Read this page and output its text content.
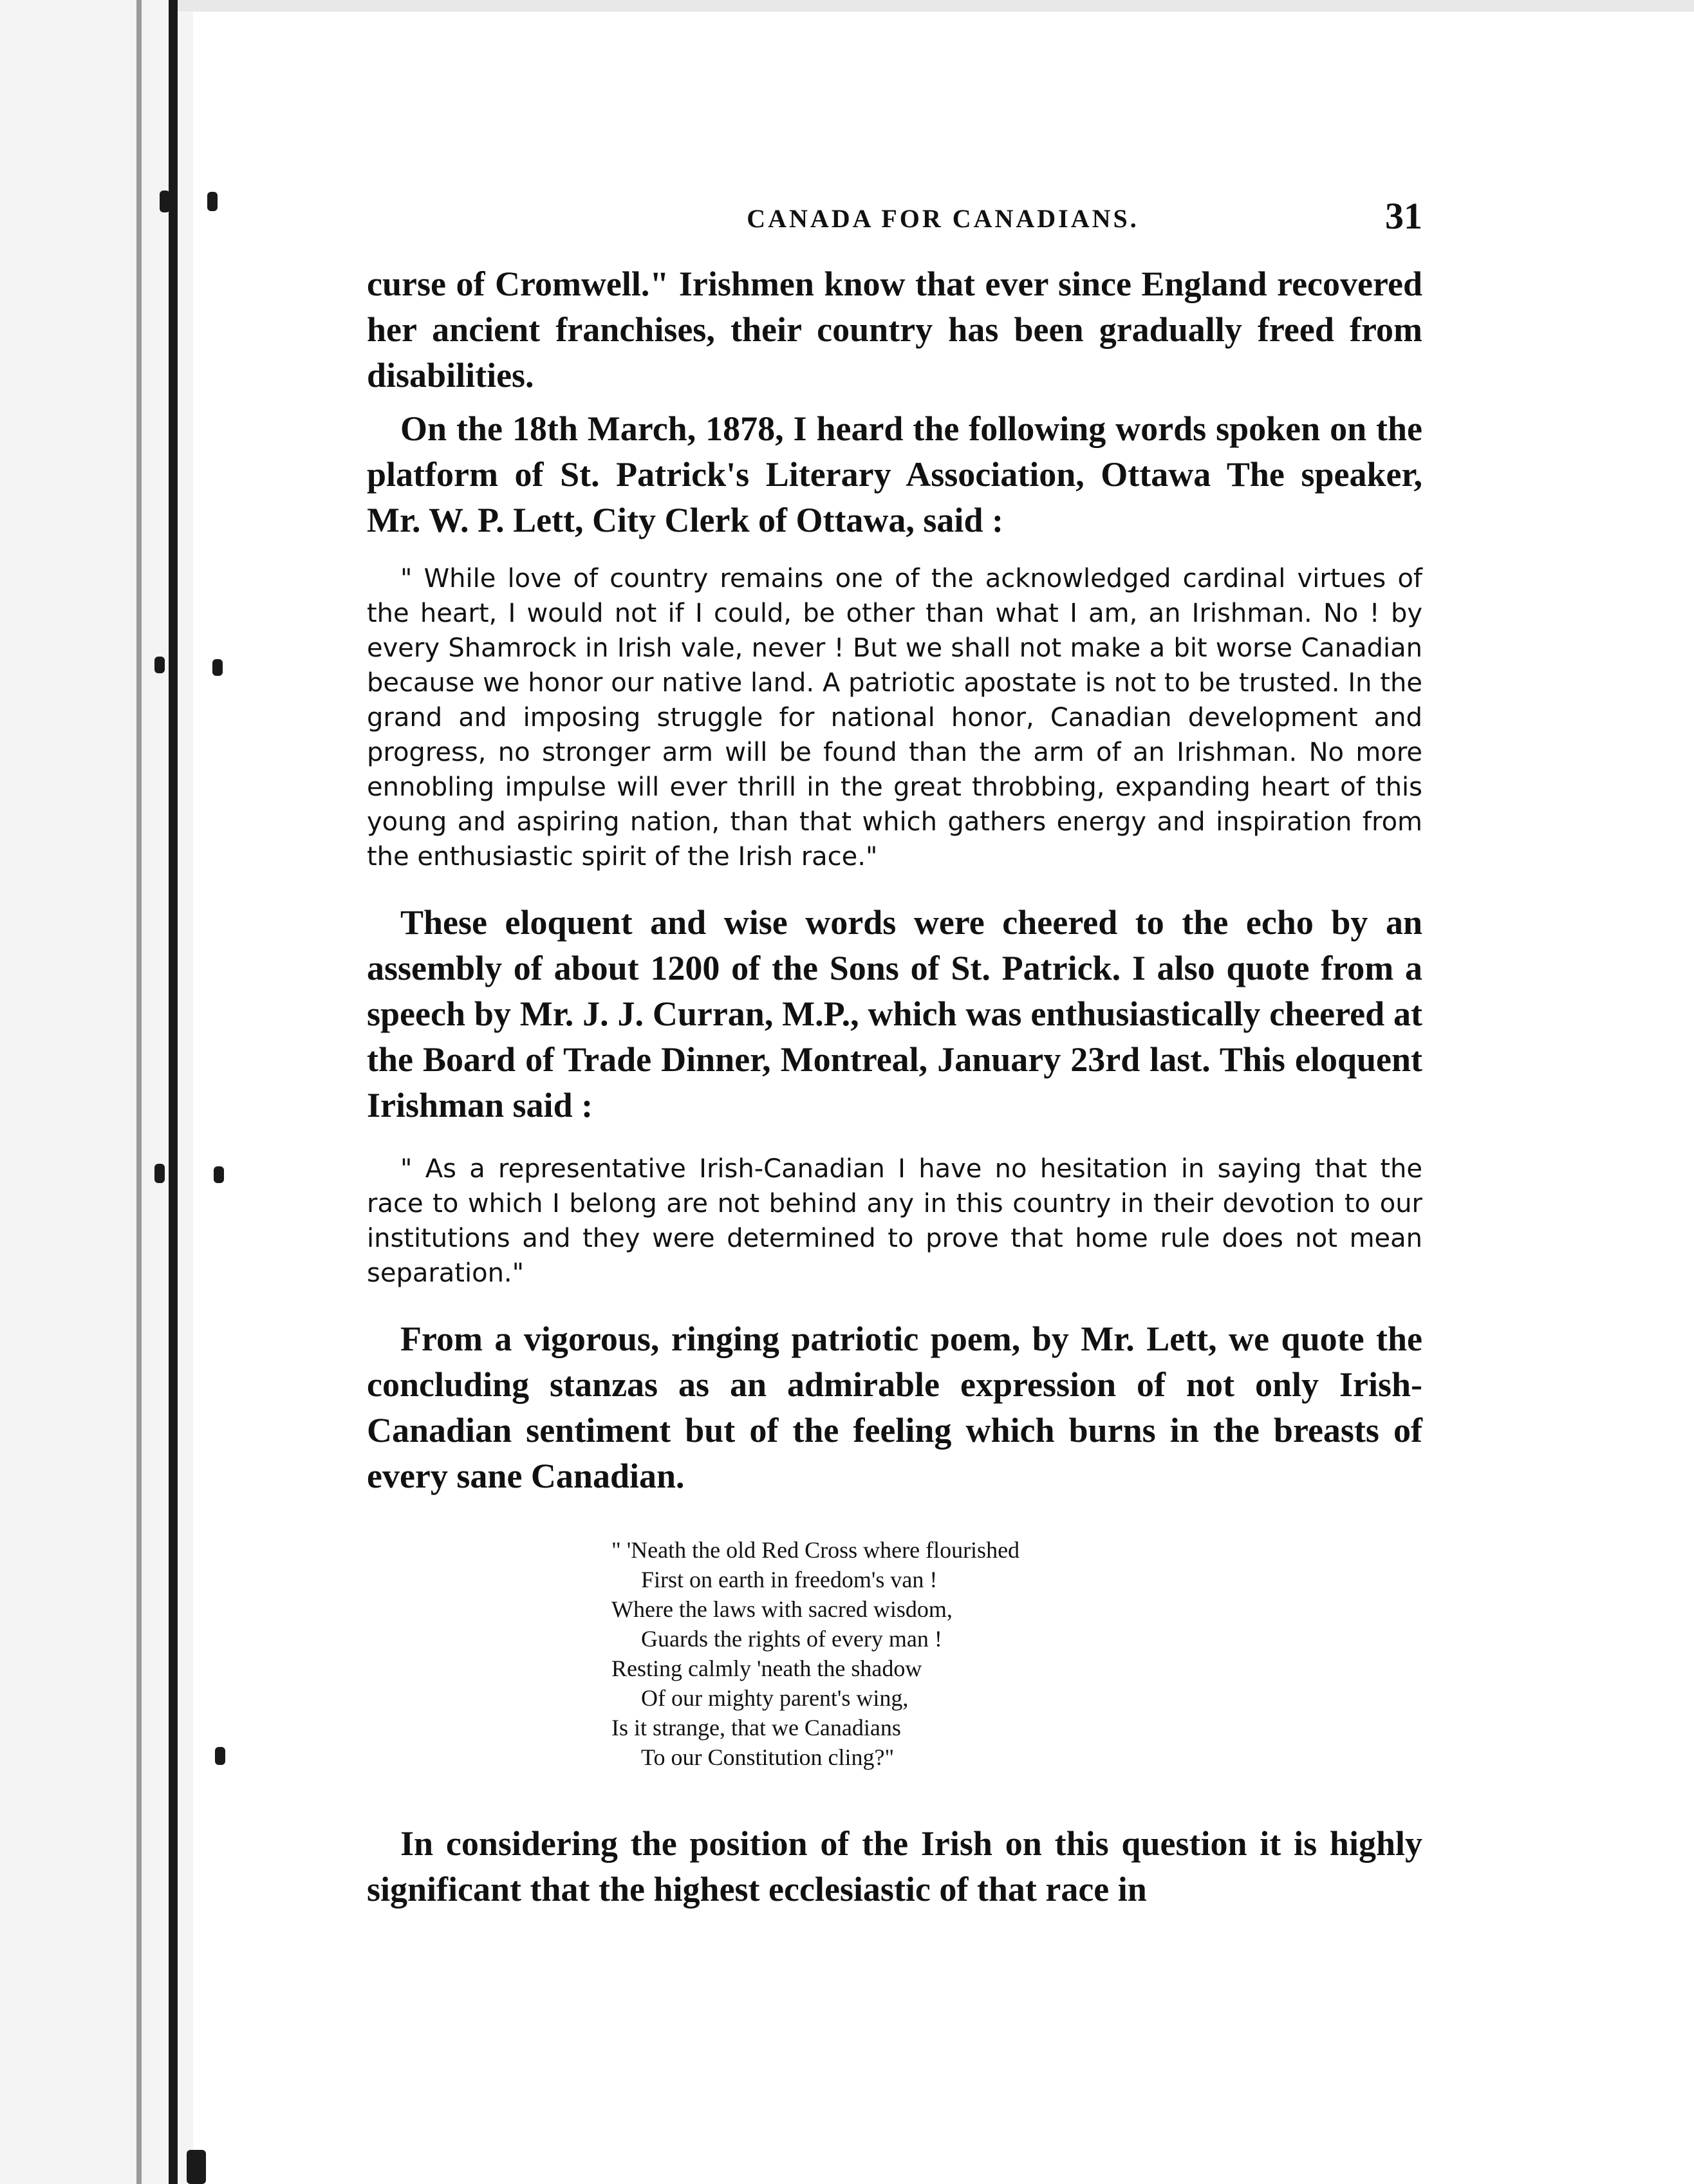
CANADA FOR CANADIANS.	31

curse of Cromwell." Irishmen know that ever since England recovered her ancient franchises, their country has been gradually freed from disabilities.

On the 18th March, 1878, I heard the following words spoken on the platform of St. Patrick's Literary Association, Ottawa The speaker, Mr. W. P. Lett, City Clerk of Ottawa, said :

" While love of country remains one of the acknowledged cardinal virtues of the heart, I would not if I could, be other than what I am, an Irishman. No ! by every Shamrock in Irish vale, never ! But we shall not make a bit worse Canadian because we honor our native land. A patriotic apostate is not to be trusted. In the grand and imposing struggle for national honor, Canadian development and progress, no stronger arm will be found than the arm of an Irishman. No more ennobling impulse will ever thrill in the great throbbing, expanding heart of this young and aspiring nation, than that which gathers energy and inspiration from the enthusiastic spirit of the Irish race."

These eloquent and wise words were cheered to the echo by an assembly of about 1200 of the Sons of St. Patrick. I also quote from a speech by Mr. J. J. Curran, M.P., which was enthusiastically cheered at the Board of Trade Dinner, Montreal, January 23rd last. This eloquent Irishman said :

" As a representative Irish-Canadian I have no hesitation in saying that the race to which I belong are not behind any in this country in their devotion to our institutions and they were determined to prove that home rule does not mean separation."

From a vigorous, ringing patriotic poem, by Mr. Lett, we quote the concluding stanzas as an admirable expression of not only Irish-Canadian sentiment but of the feeling which burns in the breasts of every sane Canadian.

" 'Neath the old Red Cross where flourished
First on earth in freedom's van !
Where the laws with sacred wisdom,
Guards the rights of every man !
Resting calmly 'neath the shadow
Of our mighty parent's wing,
Is it strange, that we Canadians
To our Constitution cling?"

In considering the position of the Irish on this question it is highly significant that the highest ecclesiastic of that race in
